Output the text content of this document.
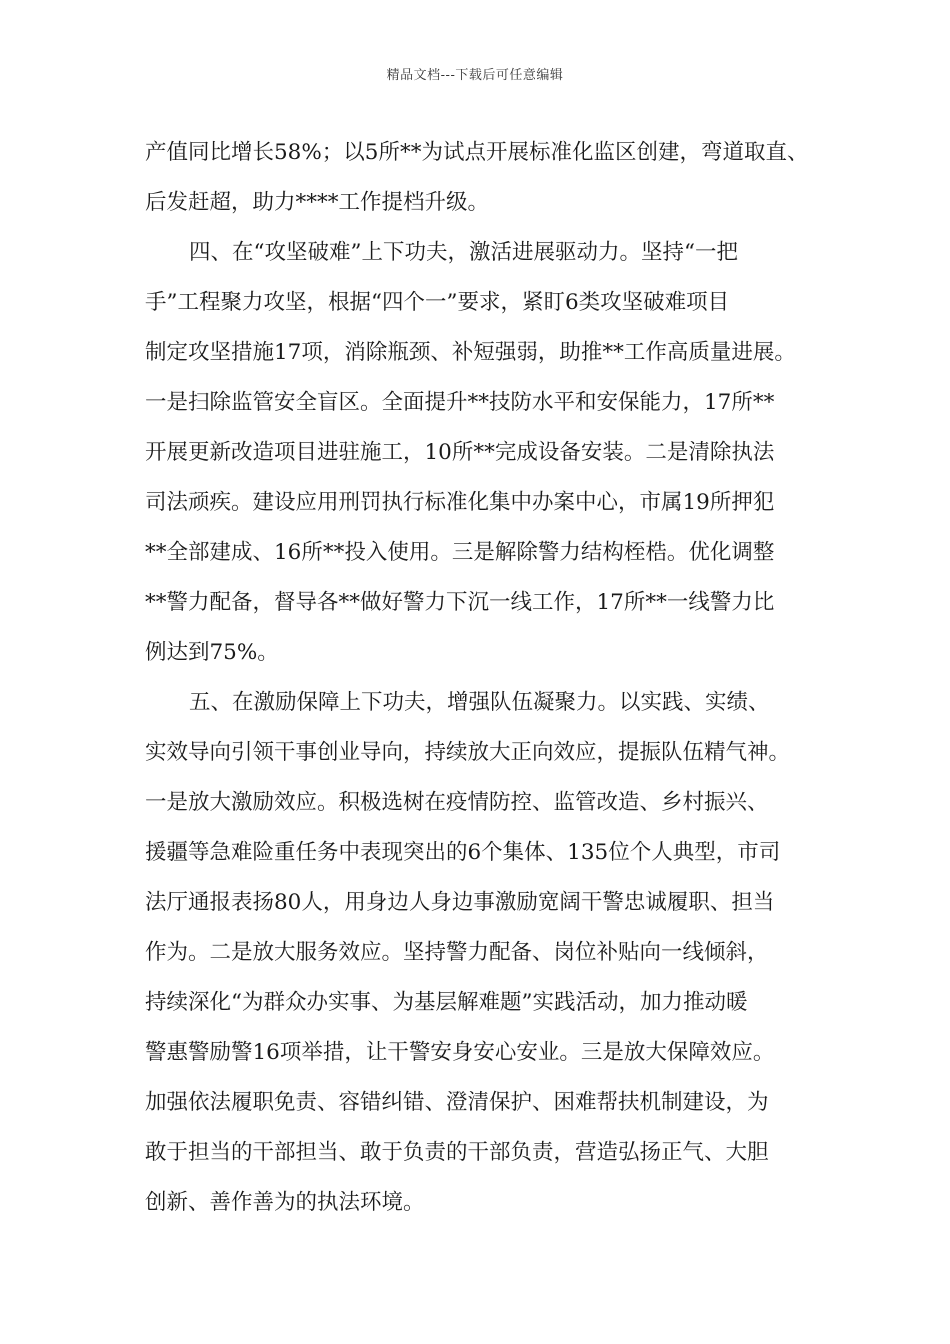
精品文档---下载后可任意编辑
产值同比增长58%；以5所**为试点开展标准化监区创建，弯道取直、
后发赶超，助力****工作提档升级。
四、在“攻坚破难”上下功夫，激活进展驱动力。坚持“一把
手”工程聚力攻坚，根据“四个一”要求，紧盯6类攻坚破难项目
制定攻坚措施17项，消除瓶颈、补短强弱，助推**工作高质量进展。
一是扫除监管安全盲区。全面提升**技防水平和安保能力，17所**
开展更新改造项目进驻施工，10所**完成设备安装。二是清除执法
司法顽疾。建设应用刑罚执行标准化集中办案中心，市属19所押犯
**全部建成、16所**投入使用。三是解除警力结构桎梏。优化调整
**警力配备，督导各**做好警力下沉一线工作，17所**一线警力比
例达到75%。
五、在激励保障上下功夫，增强队伍凝聚力。以实践、实绩、
实效导向引领干事创业导向，持续放大正向效应，提振队伍精气神。
一是放大激励效应。积极选树在疫情防控、监管改造、乡村振兴、
援疆等急难险重任务中表现突出的6个集体、135位个人典型，市司
法厅通报表扬80人，用身边人身边事激励宽阔干警忠诚履职、担当
作为。二是放大服务效应。坚持警力配备、岗位补贴向一线倾斜，
持续深化“为群众办实事、为基层解难题”实践活动，加力推动暖
警惠警励警16项举措，让干警安身安心安业。三是放大保障效应。
加强依法履职免责、容错纠错、澄清保护、困难帮扶机制建设，为
敢于担当的干部担当、敢于负责的干部负责，营造弘扬正气、大胆
创新、善作善为的执法环境。
